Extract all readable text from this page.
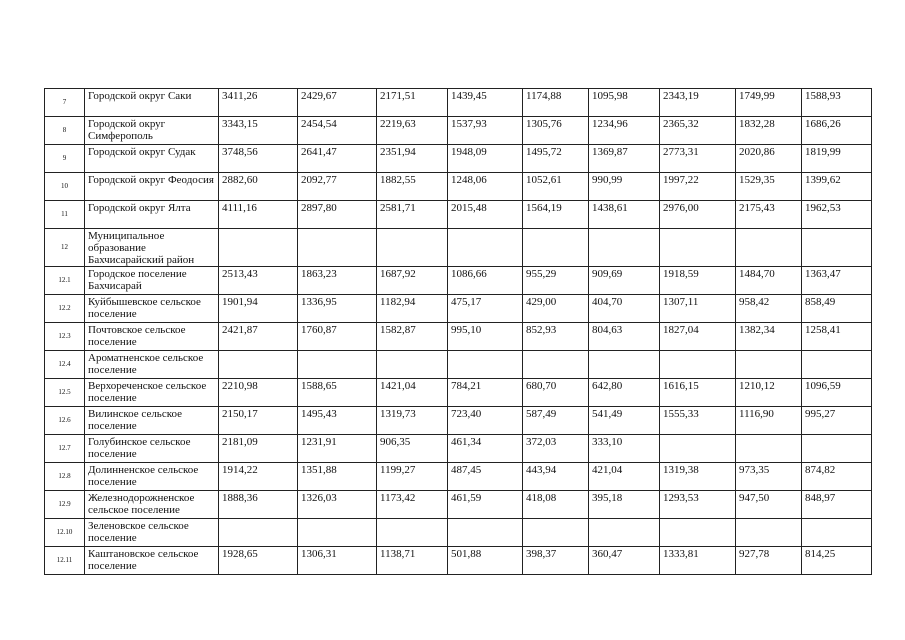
7	Городской округ Саки	3411,26	2429,67	2171,51	1439,45	1174,88	1095,98	2343,19	1749,99	1588,93
8	Городской округ Симферополь	3343,15	2454,54	2219,63	1537,93	1305,76	1234,96	2365,32	1832,28	1686,26
9	Городской округ Судак	3748,56	2641,47	2351,94	1948,09	1495,72	1369,87	2773,31	2020,86	1819,99
10	Городской округ Феодосия	2882,60	2092,77	1882,55	1248,06	1052,61	990,99	1997,22	1529,35	1399,62
11	Городской округ Ялта	4111,16	2897,80	2581,71	2015,48	1564,19	1438,61	2976,00	2175,43	1962,53
12	Муниципальное образование Бахчисарайский район									
12.1	Городское поселение Бахчисарай	2513,43	1863,23	1687,92	1086,66	955,29	909,69	1918,59	1484,70	1363,47
12.2	Куйбышевское сельское поселение	1901,94	1336,95	1182,94	475,17	429,00	404,70	1307,11	958,42	858,49
12.3	Почтовское сельское поселение	2421,87	1760,87	1582,87	995,10	852,93	804,63	1827,04	1382,34	1258,41
12.4	Ароматненское сельское поселение									
12.5	Верхореченское сельское поселение	2210,98	1588,65	1421,04	784,21	680,70	642,80	1616,15	1210,12	1096,59
12.6	Вилинское сельское поселение	2150,17	1495,43	1319,73	723,40	587,49	541,49	1555,33	1116,90	995,27
12.7	Голубинское сельское поселение	2181,09	1231,91	906,35	461,34	372,03	333,10			
12.8	Долинненское сельское поселение	1914,22	1351,88	1199,27	487,45	443,94	421,04	1319,38	973,35	874,82
12.9	Железнодорожненское сельское поселение	1888,36	1326,03	1173,42	461,59	418,08	395,18	1293,53	947,50	848,97
12.10	Зеленовское сельское поселение									
12.11	Каштановское сельское поселение	1928,65	1306,31	1138,71	501,88	398,37	360,47	1333,81	927,78	814,25
